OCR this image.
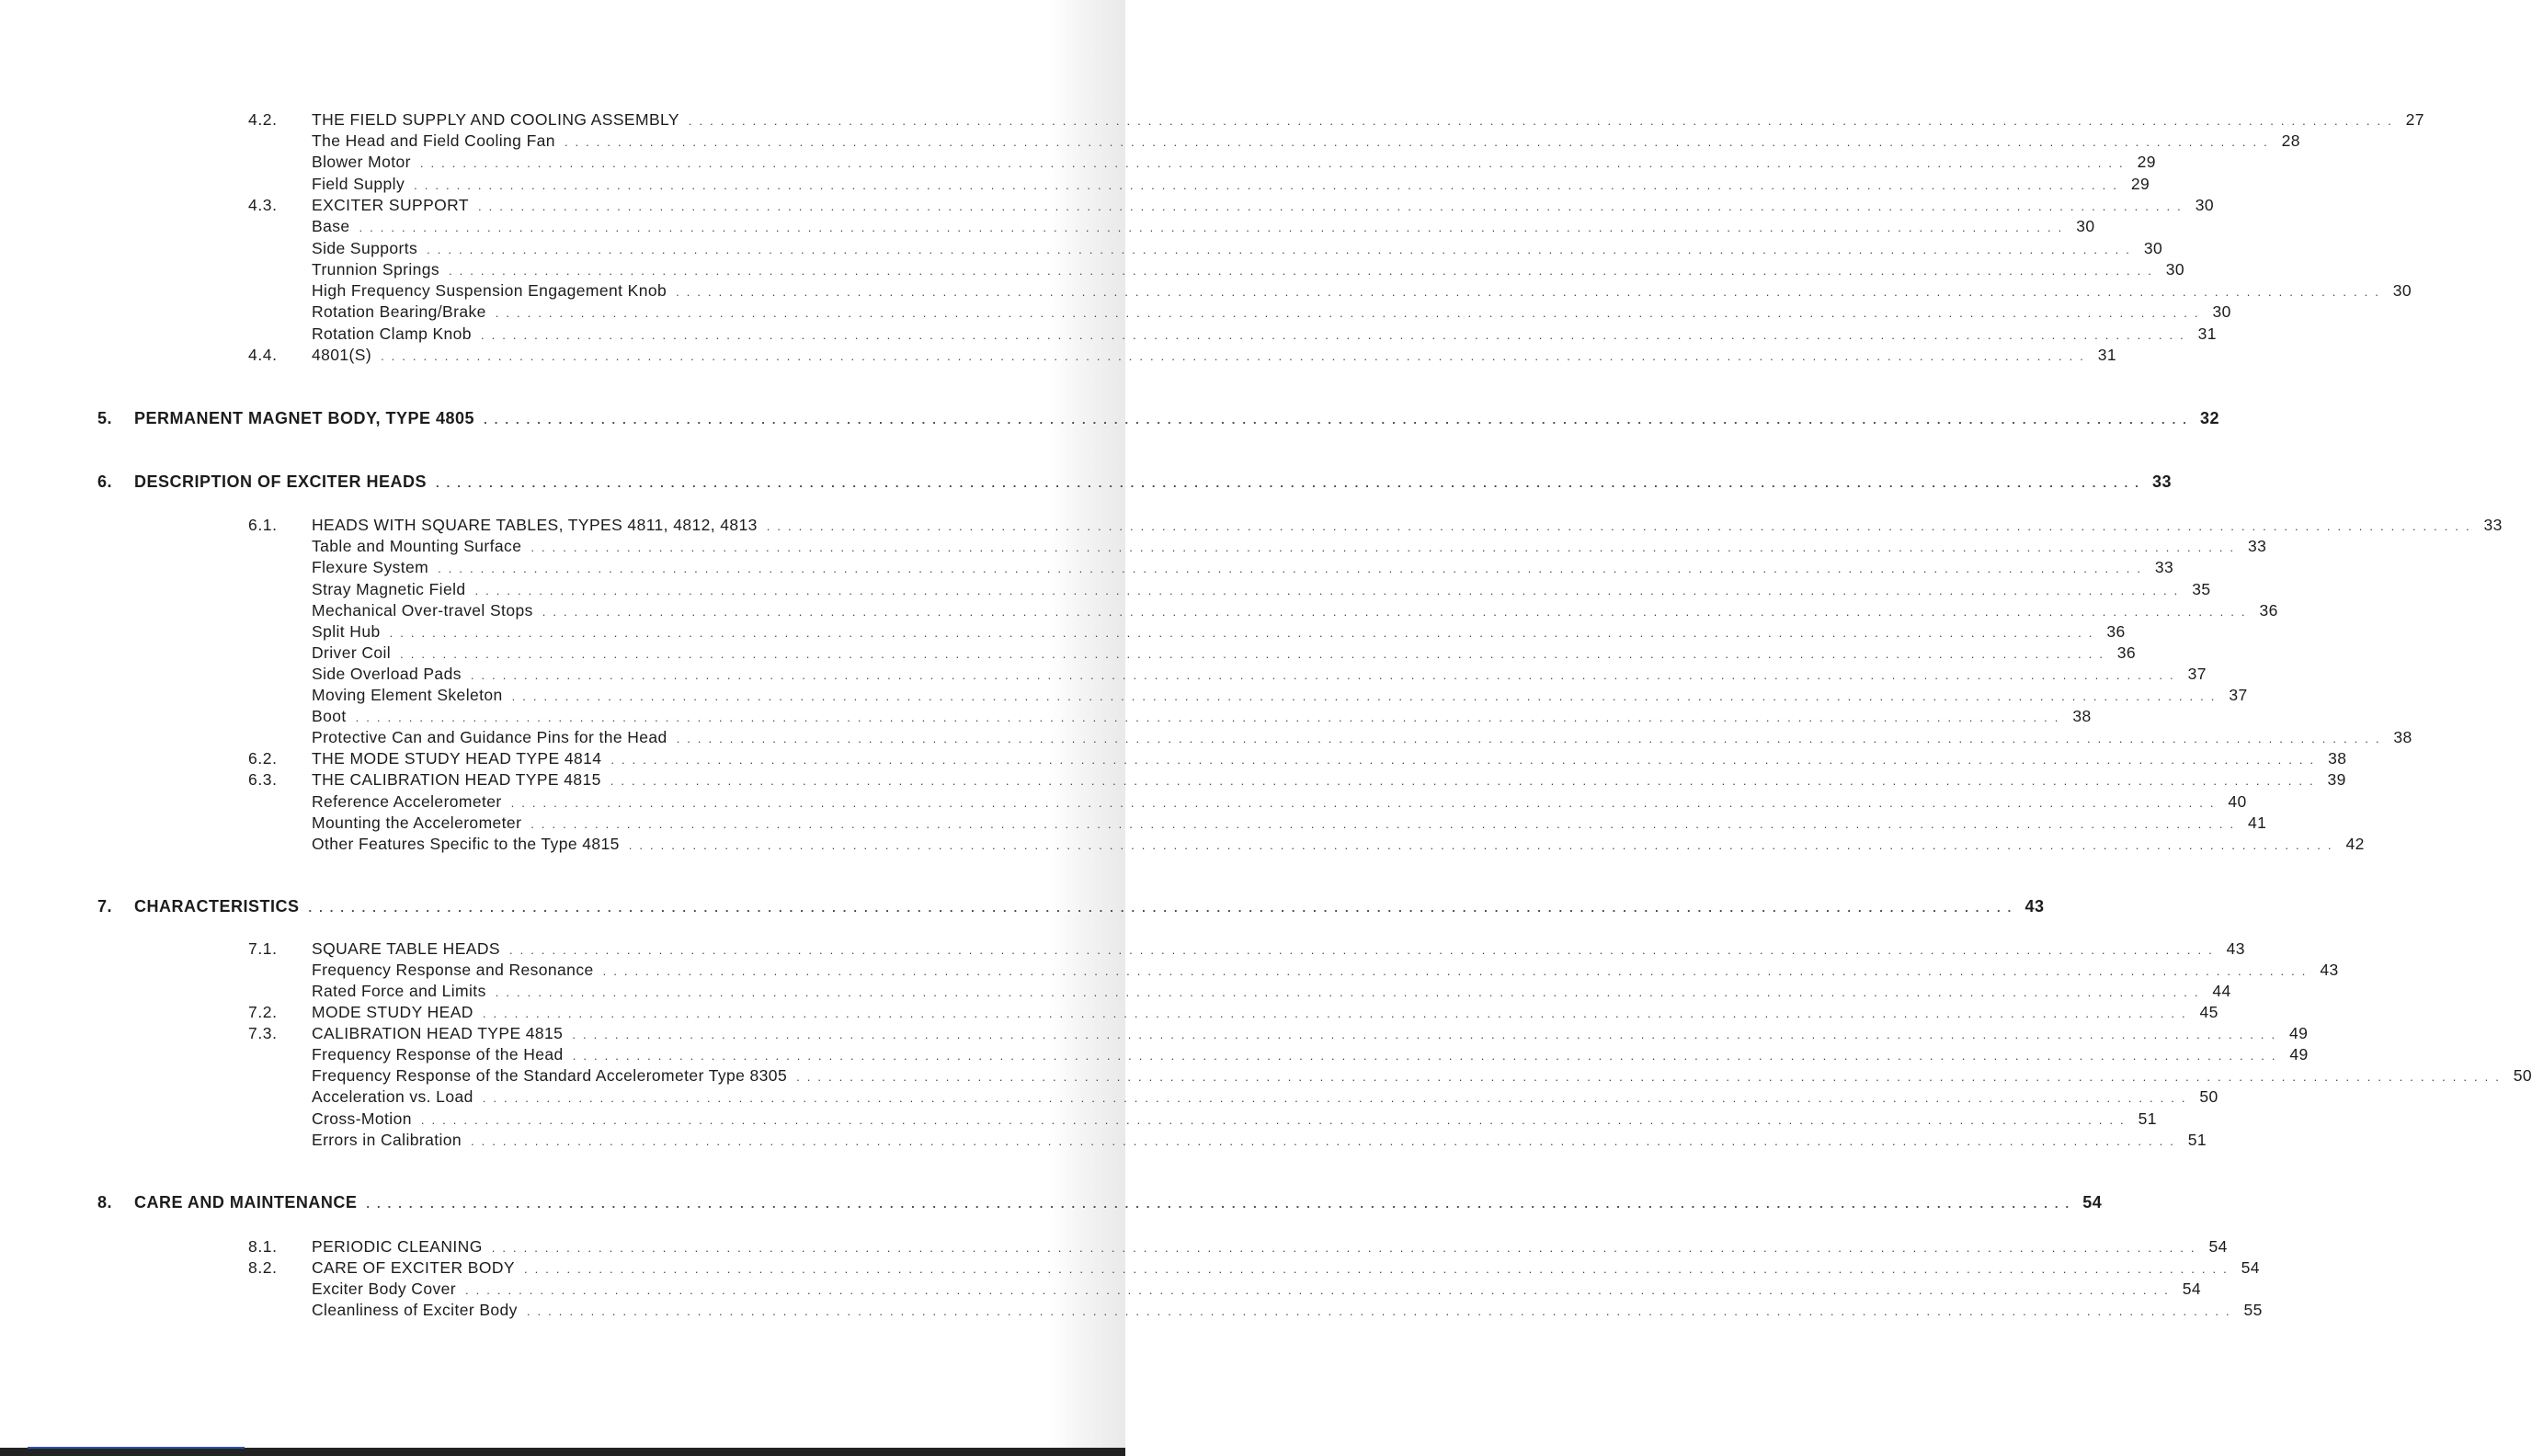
4.2.	THE FIELD SUPPLY AND COOLING ASSEMBLY . . . . . . . . . . . . . . . . . . . . . . . . . . . . . . . . . . . . . . . . . . . . . . . . . . . . . . . . . . . . . . . . . . . . . . . . . . . . . . . . . . . . . . . . . . . . . . . . . . . . . . . . . . . . . . . . . . . . . . . . . . . . . . . . . . . . . . . . . . . . . . . . . . . . . . . . . . . . . . . . 27
The Head and Field Cooling Fan . . . . . . . . . . . . . . . . . . . . . . . . . . . . . . . . . . . . . . . . . . . . . . . . . . . . . . . . . . . . . . . . . . . . . . . . . . . . . . . . . . . . . . . . . . . . . . . . . . . . . . . . . . . . . . . . . . . . . . . . . . . . . . . . . . . . . . . . . . . . . . . . . . . . . . . . . . . . . . . . 28
Blower Motor . . . . . . . . . . . . . . . . . . . . . . . . . . . . . . . . . . . . . . . . . . . . . . . . . . . . . . . . . . . . . . . . . . . . . . . . . . . . . . . . . . . . . . . . . . . . . . . . . . . . . . . . . . . . . . . . . . . . . . . . . . . . . . . . . . . . . . . . . . . . . . . . . . . . . . . . . . . . . . . . 29
Field Supply . . . . . . . . . . . . . . . . . . . . . . . . . . . . . . . . . . . . . . . . . . . . . . . . . . . . . . . . . . . . . . . . . . . . . . . . . . . . . . . . . . . . . . . . . . . . . . . . . . . . . . . . . . . . . . . . . . . . . . . . . . . . . . . . . . . . . . . . . . . . . . . . . . . . . . . . . . . . . . . . 29
4.3.	EXCITER SUPPORT . . . . . . . . . . . . . . . . . . . . . . . . . . . . . . . . . . . . . . . . . . . . . . . . . . . . . . . . . . . . . . . . . . . . . . . . . . . . . . . . . . . . . . . . . . . . . . . . . . . . . . . . . . . . . . . . . . . . . . . . . . . . . . . . . . . . . . . . . . . . . . . . . . . . . . . . . . . . . . . . 30
Base . . . . . . . . . . . . . . . . . . . . . . . . . . . . . . . . . . . . . . . . . . . . . . . . . . . . . . . . . . . . . . . . . . . . . . . . . . . . . . . . . . . . . . . . . . . . . . . . . . . . . . . . . . . . . . . . . . . . . . . . . . . . . . . . . . . . . . . . . . . . . . . . . . . . . . . . . . . . . . . . 30
Side Supports . . . . . . . . . . . . . . . . . . . . . . . . . . . . . . . . . . . . . . . . . . . . . . . . . . . . . . . . . . . . . . . . . . . . . . . . . . . . . . . . . . . . . . . . . . . . . . . . . . . . . . . . . . . . . . . . . . . . . . . . . . . . . . . . . . . . . . . . . . . . . . . . . . . . . . . . . . . . . . . . 30
Trunnion Springs . . . . . . . . . . . . . . . . . . . . . . . . . . . . . . . . . . . . . . . . . . . . . . . . . . . . . . . . . . . . . . . . . . . . . . . . . . . . . . . . . . . . . . . . . . . . . . . . . . . . . . . . . . . . . . . . . . . . . . . . . . . . . . . . . . . . . . . . . . . . . . . . . . . . . . . . . . . . . . . . 30
High Frequency Suspension Engagement Knob . . . . . . . . . . . . . . . . . . . . . . . . . . . . . . . . . . . . . . . . . . . . . . . . . . . . . . . . . . . . . . . . . . . . . . . . . . . . . . . . . . . . . . . . . . . . . . . . . . . . . . . . . . . . . . . . . . . . . . . . . . . . . . . . . . . . . . . . . . . . . . . . . . . . . . . . . . . . . . . . 30
Rotation Bearing/Brake . . . . . . . . . . . . . . . . . . . . . . . . . . . . . . . . . . . . . . . . . . . . . . . . . . . . . . . . . . . . . . . . . . . . . . . . . . . . . . . . . . . . . . . . . . . . . . . . . . . . . . . . . . . . . . . . . . . . . . . . . . . . . . . . . . . . . . . . . . . . . . . . . . . . . . . . . . . . . . . . 30
Rotation Clamp Knob . . . . . . . . . . . . . . . . . . . . . . . . . . . . . . . . . . . . . . . . . . . . . . . . . . . . . . . . . . . . . . . . . . . . . . . . . . . . . . . . . . . . . . . . . . . . . . . . . . . . . . . . . . . . . . . . . . . . . . . . . . . . . . . . . . . . . . . . . . . . . . . . . . . . . . . . . . . . . . . . 31
4.4.	4801(S) . . . . . . . . . . . . . . . . . . . . . . . . . . . . . . . . . . . . . . . . . . . . . . . . . . . . . . . . . . . . . . . . . . . . . . . . . . . . . . . . . . . . . . . . . . . . . . . . . . . . . . . . . . . . . . . . . . . . . . . . . . . . . . . . . . . . . . . . . . . . . . . . . . . . . . . . . . . . . . . . 31
5.	PERMANENT MAGNET BODY, TYPE 4805 . . . . . . . . . . . . . . . . . . . . . . . . . . . . . . . . . . . . . . . . . . . . . . . . . . . . . . . . . . . . . . . . . . . . . . . . . . . . . . . . . . . . . . . . . . . . . . . . . . . . . . . . . . . . . . . . . . . . . . . . . . . . . . . . . . . . . . . . . . . . . . . . . . . . . . . . . . . . . . . . 32
6.	DESCRIPTION OF EXCITER HEADS . . . . . . . . . . . . . . . . . . . . . . . . . . . . . . . . . . . . . . . . . . . . . . . . . . . . . . . . . . . . . . . . . . . . . . . . . . . . . . . . . . . . . . . . . . . . . . . . . . . . . . . . . . . . . . . . . . . . . . . . . . . . . . . . . . . . . . . . . . . . . . . . . . . . . . . . . . . . . . . . 33
6.1.	HEADS WITH SQUARE TABLES, TYPES 4811, 4812, 4813 . . . . . . . . . . . . . . . . . . . . . . . . . . . . . . . . . . . . . . . . . . . . . . . . . . . . . . . . . . . . . . . . . . . . . . . . . . . . . . . . . . . . . . . . . . . . . . . . . . . . . . . . . . . . . . . . . . . . . . . . . . . . . . . . . . . . . . . . . . . . . . . . . . . . . . . . . . . . . . . . 33
Table and Mounting Surface . . . . . . . . . . . . . . . . . . . . . . . . . . . . . . . . . . . . . . . . . . . . . . . . . . . . . . . . . . . . . . . . . . . . . . . . . . . . . . . . . . . . . . . . . . . . . . . . . . . . . . . . . . . . . . . . . . . . . . . . . . . . . . . . . . . . . . . . . . . . . . . . . . . . . . . . . . . . . . . . 33
Flexure System . . . . . . . . . . . . . . . . . . . . . . . . . . . . . . . . . . . . . . . . . . . . . . . . . . . . . . . . . . . . . . . . . . . . . . . . . . . . . . . . . . . . . . . . . . . . . . . . . . . . . . . . . . . . . . . . . . . . . . . . . . . . . . . . . . . . . . . . . . . . . . . . . . . . . . . . . . . . . . . . 33
Stray Magnetic Field . . . . . . . . . . . . . . . . . . . . . . . . . . . . . . . . . . . . . . . . . . . . . . . . . . . . . . . . . . . . . . . . . . . . . . . . . . . . . . . . . . . . . . . . . . . . . . . . . . . . . . . . . . . . . . . . . . . . . . . . . . . . . . . . . . . . . . . . . . . . . . . . . . . . . . . . . . . . . . . . 35
Mechanical Over-travel Stops . . . . . . . . . . . . . . . . . . . . . . . . . . . . . . . . . . . . . . . . . . . . . . . . . . . . . . . . . . . . . . . . . . . . . . . . . . . . . . . . . . . . . . . . . . . . . . . . . . . . . . . . . . . . . . . . . . . . . . . . . . . . . . . . . . . . . . . . . . . . . . . . . . . . . . . . . . . . . . . . 36
Split Hub . . . . . . . . . . . . . . . . . . . . . . . . . . . . . . . . . . . . . . . . . . . . . . . . . . . . . . . . . . . . . . . . . . . . . . . . . . . . . . . . . . . . . . . . . . . . . . . . . . . . . . . . . . . . . . . . . . . . . . . . . . . . . . . . . . . . . . . . . . . . . . . . . . . . . . . . . . . . . . . . 36
Driver Coil . . . . . . . . . . . . . . . . . . . . . . . . . . . . . . . . . . . . . . . . . . . . . . . . . . . . . . . . . . . . . . . . . . . . . . . . . . . . . . . . . . . . . . . . . . . . . . . . . . . . . . . . . . . . . . . . . . . . . . . . . . . . . . . . . . . . . . . . . . . . . . . . . . . . . . . . . . . . . . . . 36
Side Overload Pads . . . . . . . . . . . . . . . . . . . . . . . . . . . . . . . . . . . . . . . . . . . . . . . . . . . . . . . . . . . . . . . . . . . . . . . . . . . . . . . . . . . . . . . . . . . . . . . . . . . . . . . . . . . . . . . . . . . . . . . . . . . . . . . . . . . . . . . . . . . . . . . . . . . . . . . . . . . . . . . . 37
Moving Element Skeleton . . . . . . . . . . . . . . . . . . . . . . . . . . . . . . . . . . . . . . . . . . . . . . . . . . . . . . . . . . . . . . . . . . . . . . . . . . . . . . . . . . . . . . . . . . . . . . . . . . . . . . . . . . . . . . . . . . . . . . . . . . . . . . . . . . . . . . . . . . . . . . . . . . . . . . . . . . . . . . . . 37
Boot . . . . . . . . . . . . . . . . . . . . . . . . . . . . . . . . . . . . . . . . . . . . . . . . . . . . . . . . . . . . . . . . . . . . . . . . . . . . . . . . . . . . . . . . . . . . . . . . . . . . . . . . . . . . . . . . . . . . . . . . . . . . . . . . . . . . . . . . . . . . . . . . . . . . . . . . . . . . . . . . 38
Protective Can and Guidance Pins for the Head . . . . . . . . . . . . . . . . . . . . . . . . . . . . . . . . . . . . . . . . . . . . . . . . . . . . . . . . . . . . . . . . . . . . . . . . . . . . . . . . . . . . . . . . . . . . . . . . . . . . . . . . . . . . . . . . . . . . . . . . . . . . . . . . . . . . . . . . . . . . . . . . . . . . . . . . . . . . . . . . 38
6.2.	THE MODE STUDY HEAD TYPE 4814 . . . . . . . . . . . . . . . . . . . . . . . . . . . . . . . . . . . . . . . . . . . . . . . . . . . . . . . . . . . . . . . . . . . . . . . . . . . . . . . . . . . . . . . . . . . . . . . . . . . . . . . . . . . . . . . . . . . . . . . . . . . . . . . . . . . . . . . . . . . . . . . . . . . . . . . . . . . . . . . . 38
6.3.	THE CALIBRATION HEAD TYPE 4815 . . . . . . . . . . . . . . . . . . . . . . . . . . . . . . . . . . . . . . . . . . . . . . . . . . . . . . . . . . . . . . . . . . . . . . . . . . . . . . . . . . . . . . . . . . . . . . . . . . . . . . . . . . . . . . . . . . . . . . . . . . . . . . . . . . . . . . . . . . . . . . . . . . . . . . . . . . . . . . . . 39
Reference Accelerometer . . . . . . . . . . . . . . . . . . . . . . . . . . . . . . . . . . . . . . . . . . . . . . . . . . . . . . . . . . . . . . . . . . . . . . . . . . . . . . . . . . . . . . . . . . . . . . . . . . . . . . . . . . . . . . . . . . . . . . . . . . . . . . . . . . . . . . . . . . . . . . . . . . . . . . . . . . . . . . . . 40
Mounting the Accelerometer . . . . . . . . . . . . . . . . . . . . . . . . . . . . . . . . . . . . . . . . . . . . . . . . . . . . . . . . . . . . . . . . . . . . . . . . . . . . . . . . . . . . . . . . . . . . . . . . . . . . . . . . . . . . . . . . . . . . . . . . . . . . . . . . . . . . . . . . . . . . . . . . . . . . . . . . . . . . . . . . 41
Other Features Specific to the Type 4815 . . . . . . . . . . . . . . . . . . . . . . . . . . . . . . . . . . . . . . . . . . . . . . . . . . . . . . . . . . . . . . . . . . . . . . . . . . . . . . . . . . . . . . . . . . . . . . . . . . . . . . . . . . . . . . . . . . . . . . . . . . . . . . . . . . . . . . . . . . . . . . . . . . . . . . . . . . . . . . . . 42
7.	CHARACTERISTICS . . . . . . . . . . . . . . . . . . . . . . . . . . . . . . . . . . . . . . . . . . . . . . . . . . . . . . . . . . . . . . . . . . . . . . . . . . . . . . . . . . . . . . . . . . . . . . . . . . . . . . . . . . . . . . . . . . . . . . . . . . . . . . . . . . . . . . . . . . . . . . . . . . . . . . . . . . . . . . . . 43
7.1.	SQUARE TABLE HEADS . . . . . . . . . . . . . . . . . . . . . . . . . . . . . . . . . . . . . . . . . . . . . . . . . . . . . . . . . . . . . . . . . . . . . . . . . . . . . . . . . . . . . . . . . . . . . . . . . . . . . . . . . . . . . . . . . . . . . . . . . . . . . . . . . . . . . . . . . . . . . . . . . . . . . . . . . . . . . . . . 43
Frequency Response and Resonance . . . . . . . . . . . . . . . . . . . . . . . . . . . . . . . . . . . . . . . . . . . . . . . . . . . . . . . . . . . . . . . . . . . . . . . . . . . . . . . . . . . . . . . . . . . . . . . . . . . . . . . . . . . . . . . . . . . . . . . . . . . . . . . . . . . . . . . . . . . . . . . . . . . . . . . . . . . . . . . . 43
Rated Force and Limits . . . . . . . . . . . . . . . . . . . . . . . . . . . . . . . . . . . . . . . . . . . . . . . . . . . . . . . . . . . . . . . . . . . . . . . . . . . . . . . . . . . . . . . . . . . . . . . . . . . . . . . . . . . . . . . . . . . . . . . . . . . . . . . . . . . . . . . . . . . . . . . . . . . . . . . . . . . . . . . . 44
7.2.	MODE STUDY HEAD . . . . . . . . . . . . . . . . . . . . . . . . . . . . . . . . . . . . . . . . . . . . . . . . . . . . . . . . . . . . . . . . . . . . . . . . . . . . . . . . . . . . . . . . . . . . . . . . . . . . . . . . . . . . . . . . . . . . . . . . . . . . . . . . . . . . . . . . . . . . . . . . . . . . . . . . . . . . . . . . 45
7.3.	CALIBRATION HEAD TYPE 4815 . . . . . . . . . . . . . . . . . . . . . . . . . . . . . . . . . . . . . . . . . . . . . . . . . . . . . . . . . . . . . . . . . . . . . . . . . . . . . . . . . . . . . . . . . . . . . . . . . . . . . . . . . . . . . . . . . . . . . . . . . . . . . . . . . . . . . . . . . . . . . . . . . . . . . . . . . . . . . . . . 49
Frequency Response of the Head . . . . . . . . . . . . . . . . . . . . . . . . . . . . . . . . . . . . . . . . . . . . . . . . . . . . . . . . . . . . . . . . . . . . . . . . . . . . . . . . . . . . . . . . . . . . . . . . . . . . . . . . . . . . . . . . . . . . . . . . . . . . . . . . . . . . . . . . . . . . . . . . . . . . . . . . . . . . . . . . 49
Frequency Response of the Standard Accelerometer Type 8305 . . . . . . . . . . . . . . . . . . . . . . . . . . . . . . . . . . . . . . . . . . . . . . . . . . . . . . . . . . . . . . . . . . . . . . . . . . . . . . . . . . . . . . . . . . . . . . . . . . . . . . . . . . . . . . . . . . . . . . . . . . . . . . . . . . . . . . . . . . . . . . . . . . . . . . . . . . . . . . . . 50
Acceleration vs. Load . . . . . . . . . . . . . . . . . . . . . . . . . . . . . . . . . . . . . . . . . . . . . . . . . . . . . . . . . . . . . . . . . . . . . . . . . . . . . . . . . . . . . . . . . . . . . . . . . . . . . . . . . . . . . . . . . . . . . . . . . . . . . . . . . . . . . . . . . . . . . . . . . . . . . . . . . . . . . . . . 50
Cross-Motion . . . . . . . . . . . . . . . . . . . . . . . . . . . . . . . . . . . . . . . . . . . . . . . . . . . . . . . . . . . . . . . . . . . . . . . . . . . . . . . . . . . . . . . . . . . . . . . . . . . . . . . . . . . . . . . . . . . . . . . . . . . . . . . . . . . . . . . . . . . . . . . . . . . . . . . . . . . . . . . . 51
Errors in Calibration . . . . . . . . . . . . . . . . . . . . . . . . . . . . . . . . . . . . . . . . . . . . . . . . . . . . . . . . . . . . . . . . . . . . . . . . . . . . . . . . . . . . . . . . . . . . . . . . . . . . . . . . . . . . . . . . . . . . . . . . . . . . . . . . . . . . . . . . . . . . . . . . . . . . . . . . . . . . . . . . 51
8.	CARE AND MAINTENANCE . . . . . . . . . . . . . . . . . . . . . . . . . . . . . . . . . . . . . . . . . . . . . . . . . . . . . . . . . . . . . . . . . . . . . . . . . . . . . . . . . . . . . . . . . . . . . . . . . . . . . . . . . . . . . . . . . . . . . . . . . . . . . . . . . . . . . . . . . . . . . . . . . . . . . . . . . . . . . . . . 54
8.1.	PERIODIC CLEANING . . . . . . . . . . . . . . . . . . . . . . . . . . . . . . . . . . . . . . . . . . . . . . . . . . . . . . . . . . . . . . . . . . . . . . . . . . . . . . . . . . . . . . . . . . . . . . . . . . . . . . . . . . . . . . . . . . . . . . . . . . . . . . . . . . . . . . . . . . . . . . . . . . . . . . . . . . . . . . . . 54
8.2.	CARE OF EXCITER BODY . . . . . . . . . . . . . . . . . . . . . . . . . . . . . . . . . . . . . . . . . . . . . . . . . . . . . . . . . . . . . . . . . . . . . . . . . . . . . . . . . . . . . . . . . . . . . . . . . . . . . . . . . . . . . . . . . . . . . . . . . . . . . . . . . . . . . . . . . . . . . . . . . . . . . . . . . . . . . . . . 54
Exciter Body Cover . . . . . . . . . . . . . . . . . . . . . . . . . . . . . . . . . . . . . . . . . . . . . . . . . . . . . . . . . . . . . . . . . . . . . . . . . . . . . . . . . . . . . . . . . . . . . . . . . . . . . . . . . . . . . . . . . . . . . . . . . . . . . . . . . . . . . . . . . . . . . . . . . . . . . . . . . . . . . . . . 54
Cleanliness of Exciter Body . . . . . . . . . . . . . . . . . . . . . . . . . . . . . . . . . . . . . . . . . . . . . . . . . . . . . . . . . . . . . . . . . . . . . . . . . . . . . . . . . . . . . . . . . . . . . . . . . . . . . . . . . . . . . . . . . . . . . . . . . . . . . . . . . . . . . . . . . . . . . . . . . . . . . . . . . . . . . . . . 55
